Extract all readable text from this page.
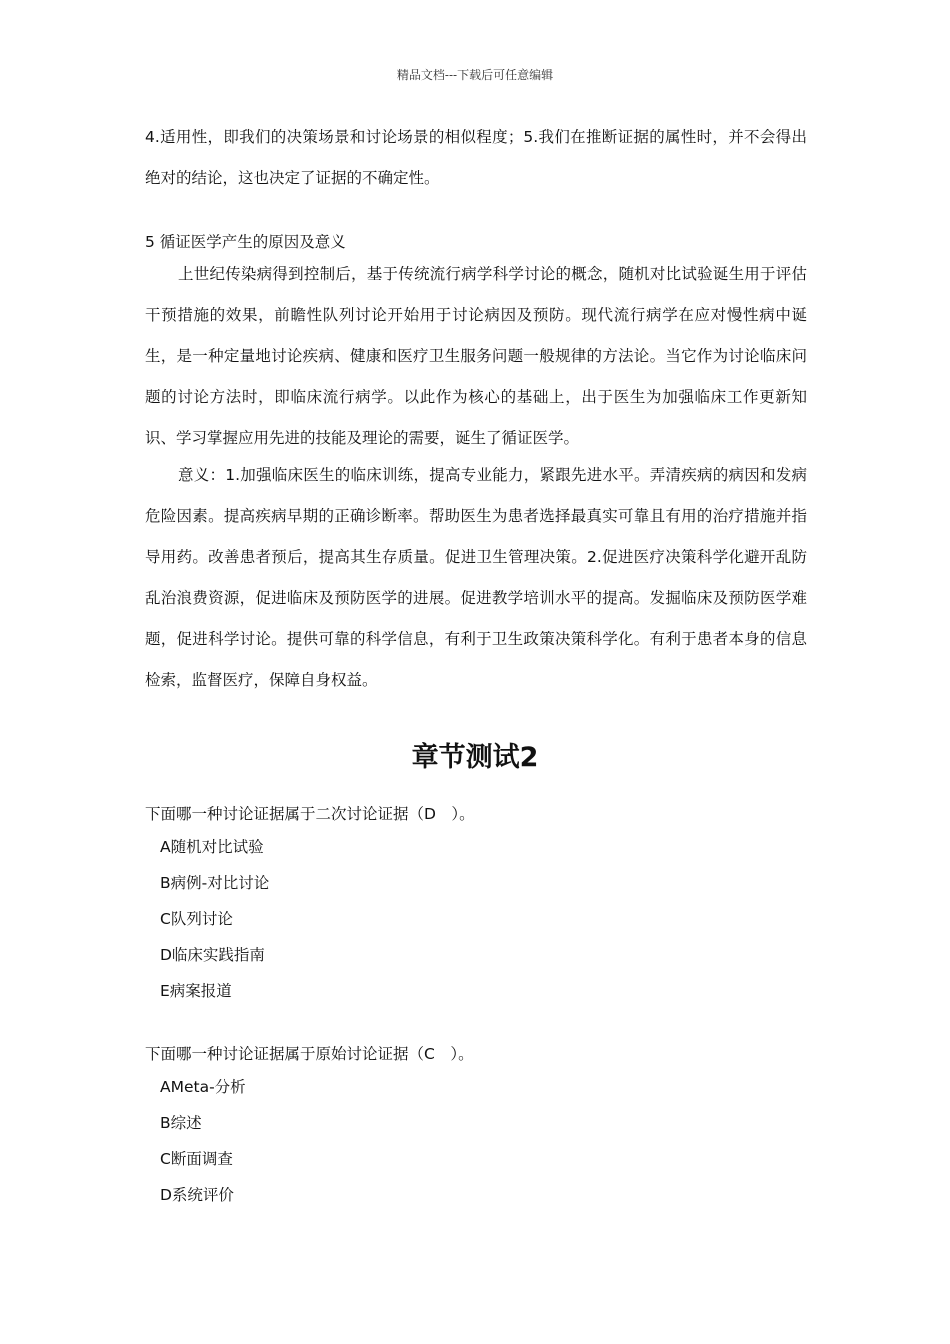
精品文档---下载后可任意编辑

4.适用性，即我们的决策场景和讨论场景的相似程度；5.我们在推断证据的属性时，并不会得出绝对的结论，这也决定了证据的不确定性。

5 循证医学产生的原因及意义

上世纪传染病得到控制后，基于传统流行病学科学讨论的概念，随机对比试验诞生用于评估干预措施的效果，前瞻性队列讨论开始用于讨论病因及预防。现代流行病学在应对慢性病中诞生，是一种定量地讨论疾病、健康和医疗卫生服务问题一般规律的方法论。当它作为讨论临床问题的讨论方法时，即临床流行病学。以此作为核心的基础上，出于医生为加强临床工作更新知识、学习掌握应用先进的技能及理论的需要，诞生了循证医学。

意义：1.加强临床医生的临床训练，提高专业能力，紧跟先进水平。弄清疾病的病因和发病危险因素。提高疾病早期的正确诊断率。帮助医生为患者选择最真实可靠且有用的治疗措施并指导用药。改善患者预后，提高其生存质量。促进卫生管理决策。2.促进医疗决策科学化避开乱防乱治浪费资源，促进临床及预防医学的进展。促进教学培训水平的提高。发掘临床及预防医学难题，促进科学讨论。提供可靠的科学信息，有利于卫生政策决策科学化。有利于患者本身的信息检索，监督医疗，保障自身权益。

章节测试2

下面哪一种讨论证据属于二次讨论证据（D　）。

A随机对比试验
B病例-对比讨论
C队列讨论
D临床实践指南
E病案报道

下面哪一种讨论证据属于原始讨论证据（C　）。

AMeta-分析
B综述
C断面调查
D系统评价
